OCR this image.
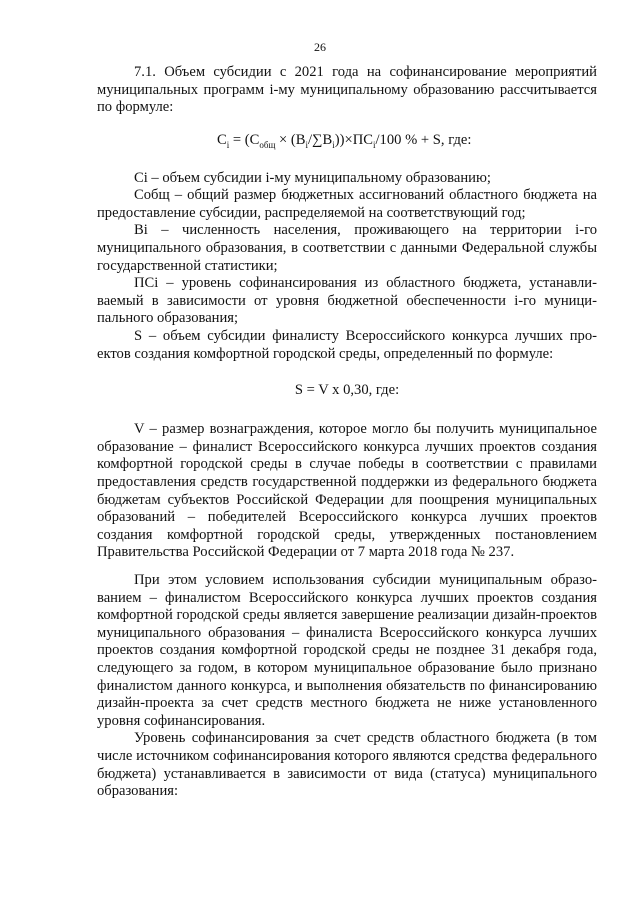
26

7.1. Объем субсидии с 2021 года на софинансирование мероприятий муниципальных программ i-му муниципальному образованию рассчитывается по формуле:

$C_i = (C_{общ} \times (B_i/\sum B_i))\times ПС_i/100$ % + S, где:

Ci – объем субсидии i-му муниципальному образованию;

Cобщ – общий размер бюджетных ассигнований областного бюджета на предоставление субсидии, распределяемой на соответствующий год;

Bi – численность населения, проживающего на территории i-го муниципального образования, в соответствии с данными Федеральной службы государственной статистики;

ПСi – уровень софинансирования из областного бюджета, устанавливаемый в зависимости от уровня бюджетной обеспеченности i-го муниципального образования;

S – объем субсидии финалисту Всероссийского конкурса лучших проектов создания комфортной городской среды, определенный по формуле:

S = V x 0,30, где:

V – размер вознаграждения, которое могло бы получить муниципальное образование – финалист Всероссийского конкурса лучших проектов создания комфортной городской среды в случае победы в соответствии с правилами предоставления средств государственной поддержки из федерального бюджета бюджетам субъектов Российской Федерации для поощрения муниципальных образований – победителей Всероссийского конкурса лучших проектов создания комфортной городской среды, утвержденных постановлением Правительства Российской Федерации от 7 марта 2018 года № 237.

При этом условием использования субсидии муниципальным образованием – финалистом Всероссийского конкурса лучших проектов создания комфортной городской среды является завершение реализации дизайн-проектов муниципального образования – финалиста Всероссийского конкурса лучших проектов создания комфортной городской среды не позднее 31 декабря года, следующего за годом, в котором муниципальное образование было признано финалистом данного конкурса, и выполнения обязательств по финансированию дизайн-проекта за счет средств местного бюджета не ниже установленного уровня софинансирования.

Уровень софинансирования за счет средств областного бюджета (в том числе источником софинансирования которого являются средства федерального бюджета) устанавливается в зависимости от вида (статуса) муниципального образования:
